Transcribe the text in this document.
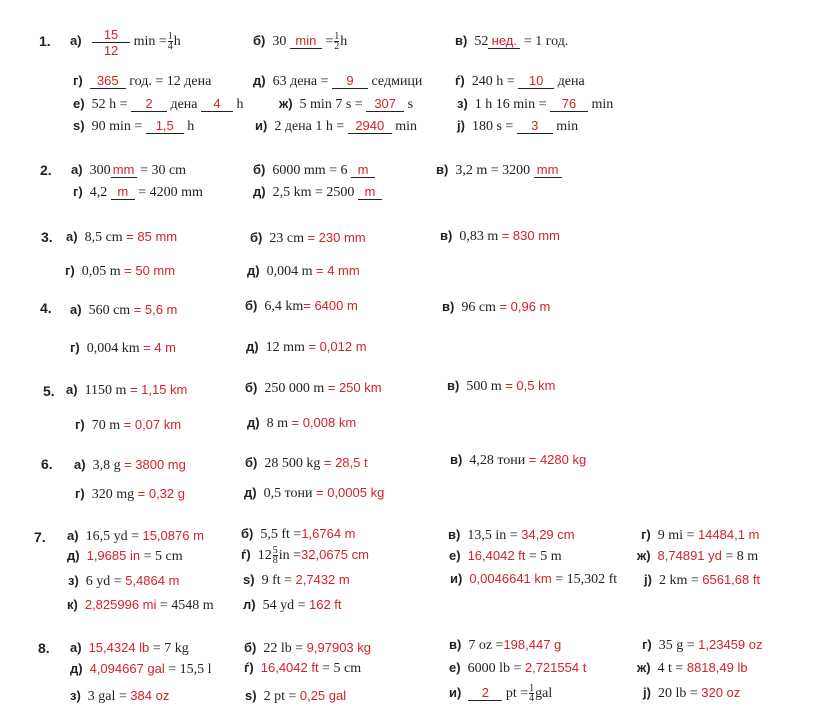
1. $а) \frac{15}{12}$ $\min = \frac{1}{4}$ h	б) 30 $\min = \frac{1}{2}$ h	в) 52 нед. = 1 год.
г) 365 год. = 12 дена	д) 63 дена = 9 седмици	ѓ) 240 h = 10 дена
е) 52 h = 2 дена 4 h	ж) 5 min 7 s = 307 s	з) 1 h 16 min = 76 min
ѕ) 90 min = 1,5 h	и) 2 дена 1 h = 2940 min	ј) 180 s = 3 min
2. а) 300 mm = 30 cm	б) 6000 mm = 6 m	в) 3,2 m = 3200 mm
г) 4,2 m = 4200 mm	д) 2,5 km = 2500 m
3. а) 8,5 cm = 85 mm	б) 23 cm = 230 mm	в) 0,83 m = 830 mm
г) 0,05 m = 50 mm	д) 0,004 m = 4 mm
4. а) 560 cm = 5,6 m	б) 6,4 km= 6400 m	в) 96 cm = 0,96 m
г) 0,004 km = 4 m	д) 12 mm = 0,012 m
5. а) 1150 m = 1,15 km	б) 250 000 m = 250 km	в) 500 m = 0,5 km
г) 70 m = 0,07 km	д) 8 m = 0,008 km
6. а) 3,8 g = 3800 mg	б) 28 500 kg = 28,5 t	в) 4,28 тони = 4280 kg
г) 320 mg = 0,32 g	д) 0,5 тони = 0,0005 kg
7. а) 16,5 yd = 15,0876 m	б) 5,5 ft =1,6764 m	в) 13,5 in = 34,29 cm	г) 9 mi = 14484,1 m
д) 1,9685 in = 5 cm	ѓ) $12 \frac{5}{8}$ in =32,0675 cm	е) 16,4042 ft = 5 m	ж) 8,74891 yd = 8 m
з) 6 yd = 5,4864 m	ѕ) 9 ft = 2,7432 m	и) 0,0046641 km = 15,302 ft ј) 2 km = 6561,68 ft
к) 2,825996 mi = 4548 m л) 54 yd = 162 ft
8. а) 15,4324 lb = 7 kg	б) 22 lb = 9,97903 kg	в) 7 oz =198,447 g	г) 35 g = 1,23459 oz
д) 4,094667 gal = 15,5 l ѓ) 16,4042 ft = 5 cm	е) 6000 lb = 2,721554 t	ж) 4 t = 8818,49 lb
з) 3 gal = 384 oz	ѕ) 2 pt = 0,25 gal	и) 2 pt = $\frac{1}{4}$ gal	ј) 20 lb = 320 oz
